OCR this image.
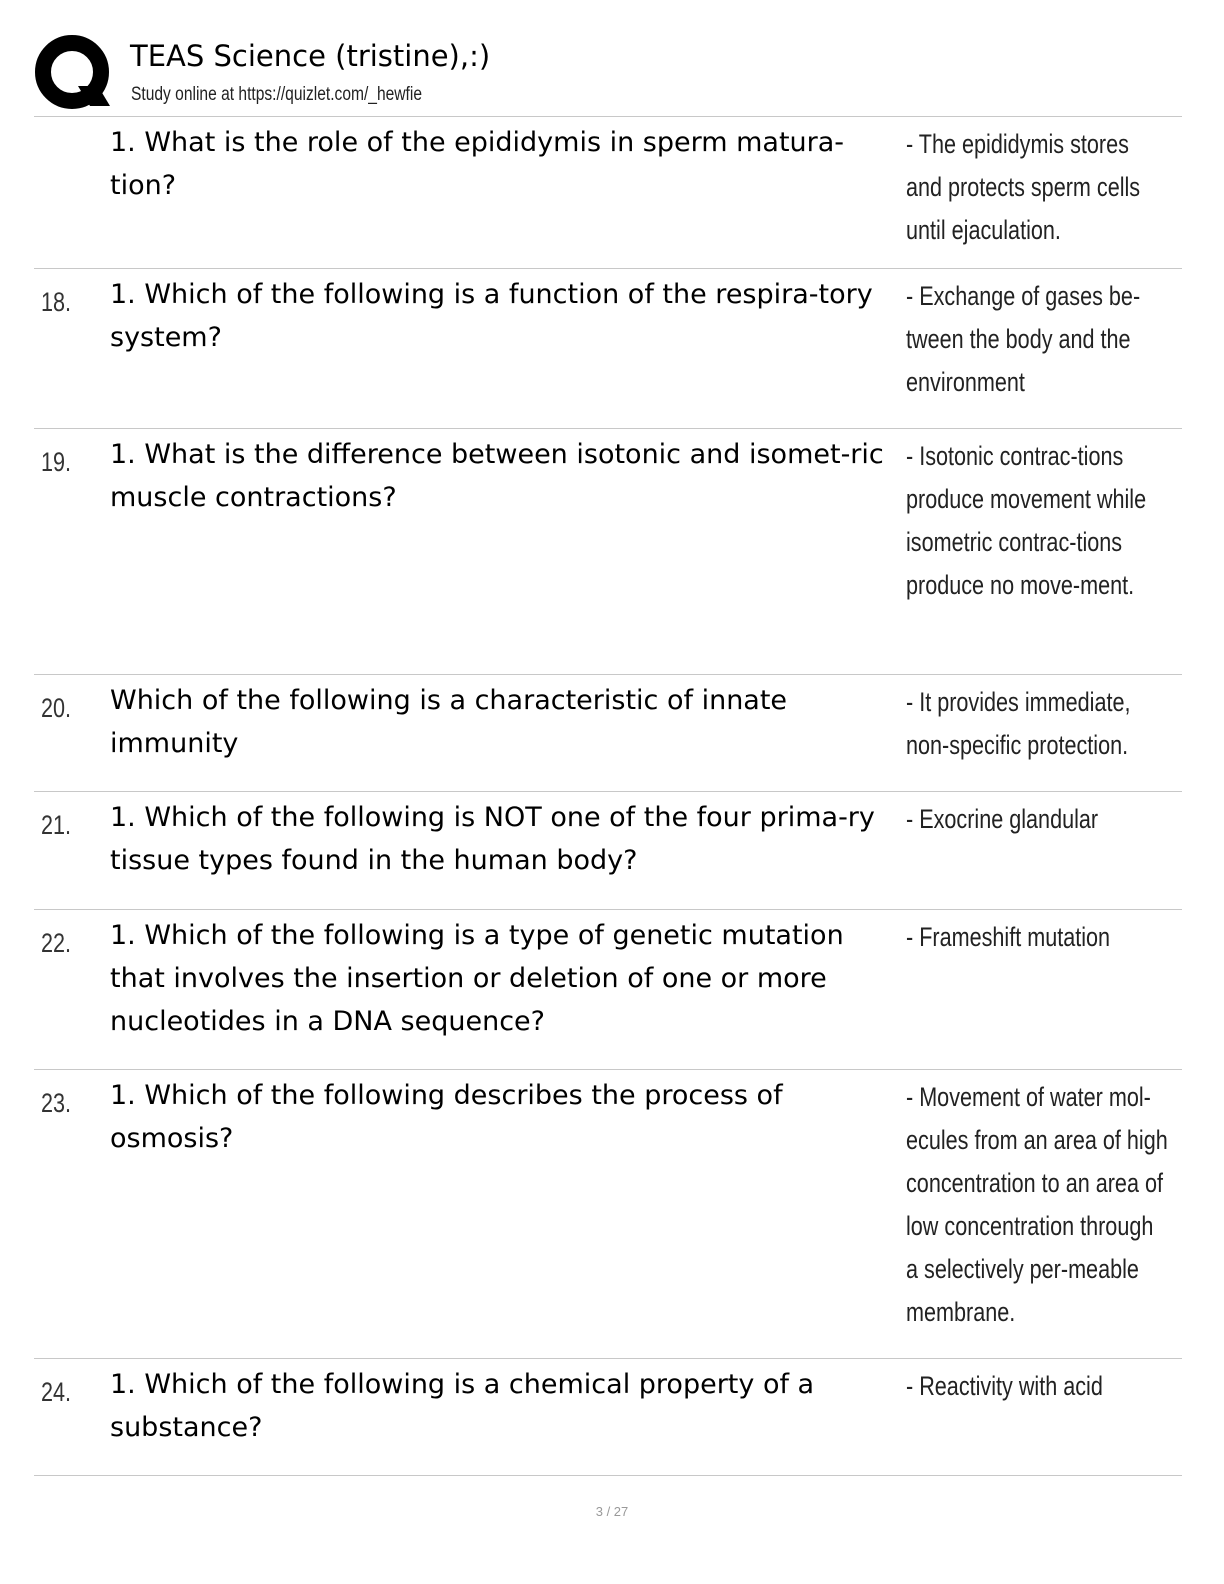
TEAS Science (tristine),:)
Study online at https://quizlet.com/_hewfie
1. What is the role of the epididymis in sperm matura-tion?
- The epididymis stores and protects sperm cells until ejaculation.
18. 1. Which of the following is a function of the respira-tory system?
- Exchange of gases be-tween the body and the environment
19. 1. What is the difference between isotonic and isomet-ric muscle contractions?
- Isotonic contrac-tions produce movement while isometric contrac-tions produce no move-ment.
20. Which of the following is a characteristic of innate immunity
- It provides immediate, non-specific protection.
21. 1. Which of the following is NOT one of the four prima-ry tissue types found in the human body?
- Exocrine glandular
22. 1. Which of the following is a type of genetic mutation that involves the insertion or deletion of one or more nucleotides in a DNA sequence?
- Frameshift mutation
23. 1. Which of the following describes the process of osmosis?
- Movement of water mol-ecules from an area of high concentration to an area of low concentration through a selectively per-meable membrane.
24. 1. Which of the following is a chemical property of a substance?
- Reactivity with acid
3 / 27
